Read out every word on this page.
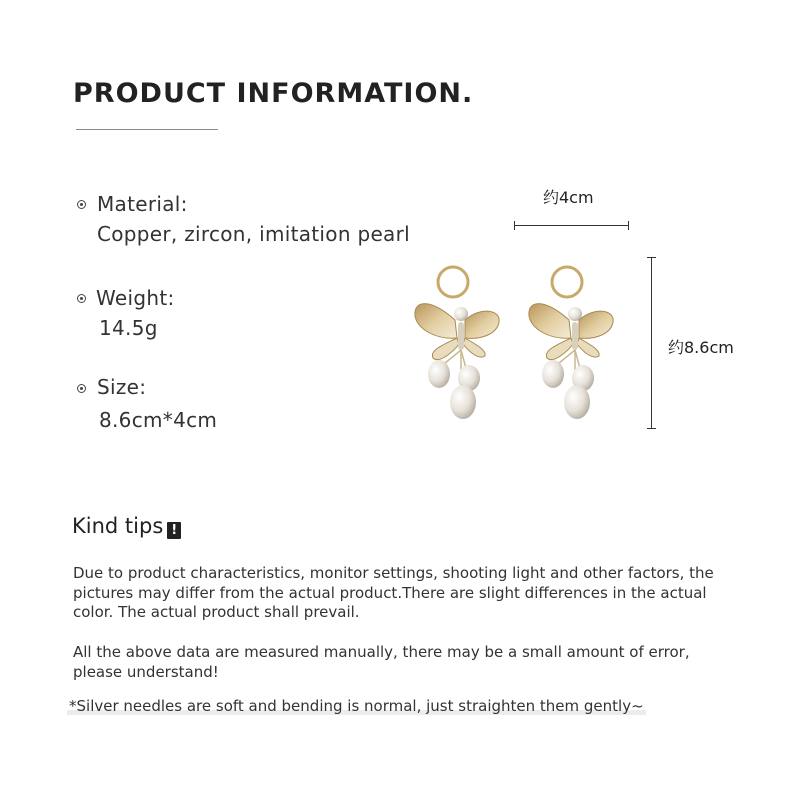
PRODUCT INFORMATION.
Material:
Copper, zircon, imitation pearl
Weight:
14.5g
Size:
8.6cm*4cm
约4cm
约8.6cm
Kind tips !
Due to product characteristics, monitor settings, shooting light and other factors, the pictures may differ from the actual product.There are slight differences in the actual color. The actual product shall prevail.
All the above data are measured manually, there may be a small amount of error, please understand!
*Silver needles are soft and bending is normal, just straighten them gently~
